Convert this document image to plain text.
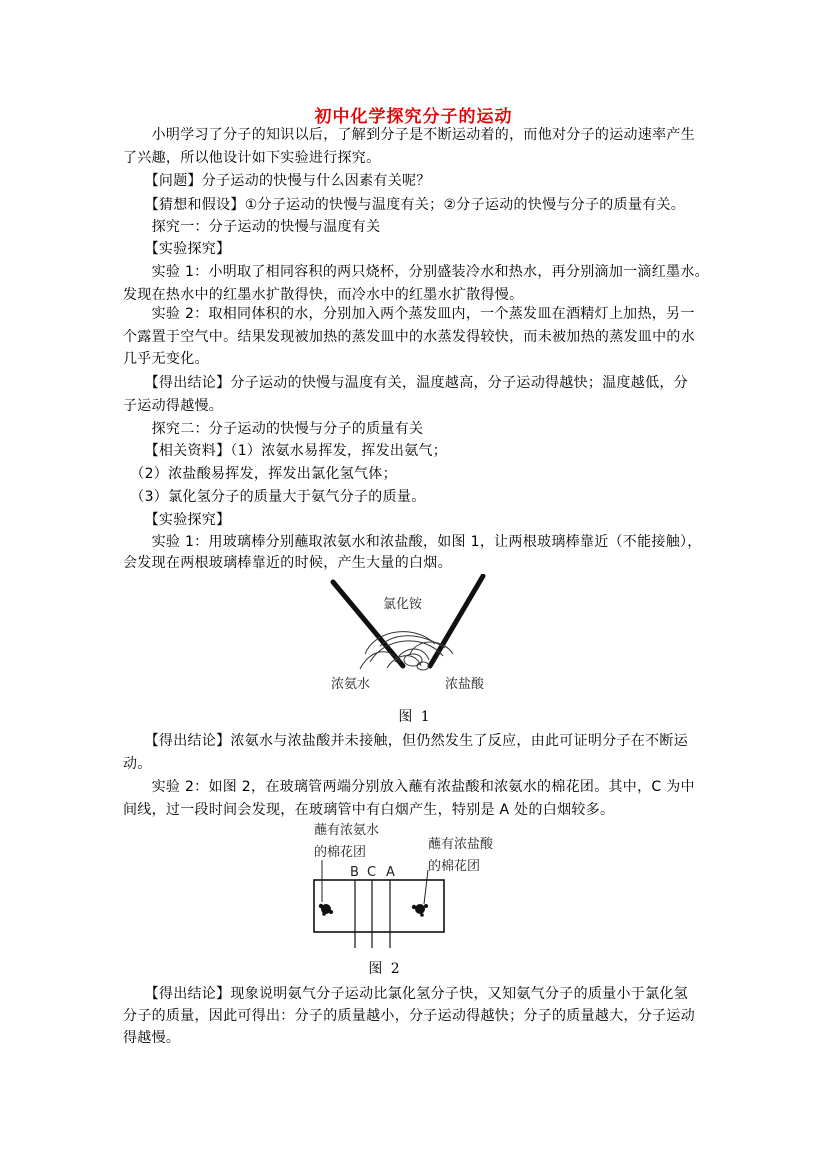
初中化学探究分子的运动
　　小明学习了分子的知识以后，了解到分子是不断运动着的，而他对分子的运动速率产生
了兴趣，所以他设计如下实验进行探究。
　　【问题】分子运动的快慢与什么因素有关呢？
　　【猜想和假设】①分子运动的快慢与温度有关；②分子运动的快慢与分子的质量有关。
　　探究一：分子运动的快慢与温度有关
　　【实验探究】
　　实验 1：小明取了相同容积的两只烧杯，分别盛装冷水和热水，再分别滴加一滴红墨水。
发现在热水中的红墨水扩散得快，而冷水中的红墨水扩散得慢。
　　实验 2：取相同体积的水，分别加入两个蒸发皿内，一个蒸发皿在酒精灯上加热，另一
个露置于空气中。结果发现被加热的蒸发皿中的水蒸发得较快，而未被加热的蒸发皿中的水
几乎无变化。
　　【得出结论】分子运动的快慢与温度有关，温度越高，分子运动得越快；温度越低，分
子运动得越慢。
　　探究二：分子运动的快慢与分子的质量有关
　　【相关资料】（1）浓氨水易挥发，挥发出氨气；
　（2）浓盐酸易挥发，挥发出氯化氢气体；
　（3）氯化氢分子的质量大于氨气分子的质量。
　　【实验探究】
　　实验 1：用玻璃棒分别蘸取浓氨水和浓盐酸，如图 1，让两根玻璃棒靠近（不能接触），
会发现在两根玻璃棒靠近的时候，产生大量的白烟。
氯化铵
浓氨水	浓盐酸
图 1
　　【得出结论】浓氨水与浓盐酸并未接触，但仍然发生了反应，由此可证明分子在不断运
动。
　　实验 2：如图 2，在玻璃管两端分别放入蘸有浓盐酸和浓氨水的棉花团。其中，C 为中
间线，过一段时间会发现，在玻璃管中有白烟产生，特别是 A 处的白烟较多。
蘸有浓氨水
的棉花团
蘸有浓盐酸
的棉花团
B C A
图 2
　　【得出结论】现象说明氨气分子运动比氯化氢分子快，又知氨气分子的质量小于氯化氢
分子的质量，因此可得出：分子的质量越小，分子运动得越快；分子的质量越大，分子运动
得越慢。
